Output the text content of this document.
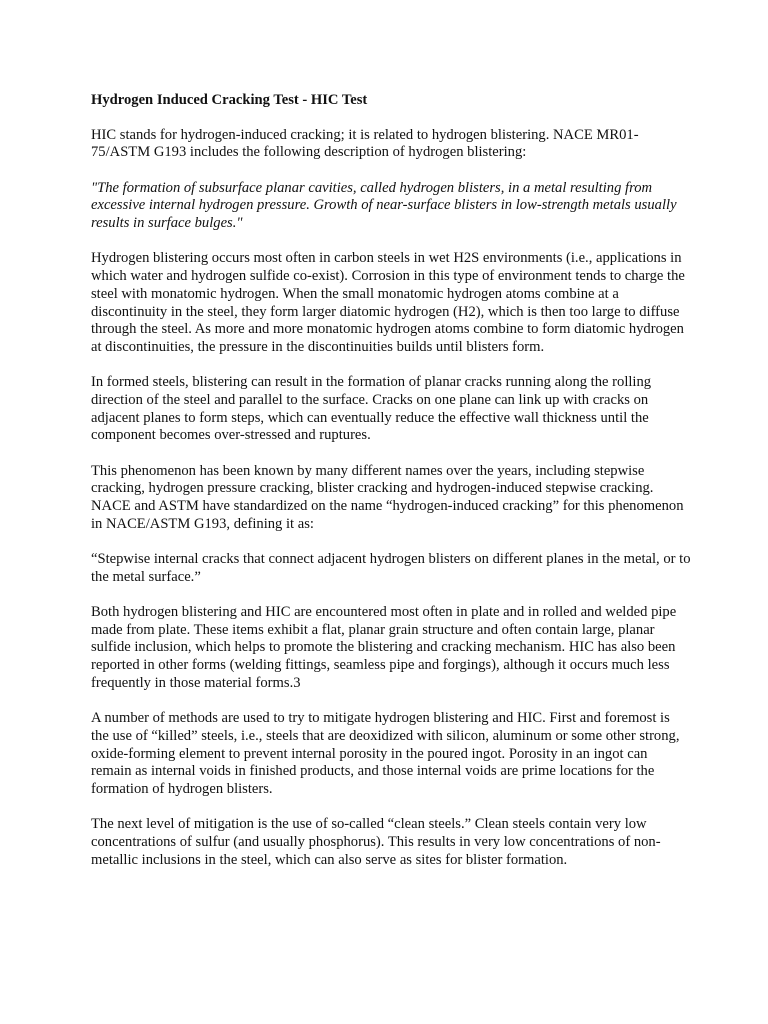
Hydrogen Induced Cracking Test - HIC Test

HIC stands for hydrogen-induced cracking; it is related to hydrogen blistering. NACE MR01-75/ASTM G193 includes the following description of hydrogen blistering:

"The formation of subsurface planar cavities, called hydrogen blisters, in a metal resulting from excessive internal hydrogen pressure. Growth of near-surface blisters in low-strength metals usually results in surface bulges."

Hydrogen blistering occurs most often in carbon steels in wet H2S environments (i.e., applications in which water and hydrogen sulfide co-exist). Corrosion in this type of environment tends to charge the steel with monatomic hydrogen. When the small monatomic hydrogen atoms combine at a discontinuity in the steel, they form larger diatomic hydrogen (H2), which is then too large to diffuse through the steel. As more and more monatomic hydrogen atoms combine to form diatomic hydrogen at discontinuities, the pressure in the discontinuities builds until blisters form.

In formed steels, blistering can result in the formation of planar cracks running along the rolling direction of the steel and parallel to the surface. Cracks on one plane can link up with cracks on adjacent planes to form steps, which can eventually reduce the effective wall thickness until the component becomes over-stressed and ruptures.

This phenomenon has been known by many different names over the years, including stepwise cracking, hydrogen pressure cracking, blister cracking and hydrogen-induced stepwise cracking. NACE and ASTM have standardized on the name “hydrogen-induced cracking” for this phenomenon in NACE/ASTM G193, defining it as:

“Stepwise internal cracks that connect adjacent hydrogen blisters on different planes in the metal, or to the metal surface.”

Both hydrogen blistering and HIC are encountered most often in plate and in rolled and welded pipe made from plate. These items exhibit a flat, planar grain structure and often contain large, planar sulfide inclusion, which helps to promote the blistering and cracking mechanism. HIC has also been reported in other forms (welding fittings, seamless pipe and forgings), although it occurs much less frequently in those material forms.3

A number of methods are used to try to mitigate hydrogen blistering and HIC. First and foremost is the use of “killed” steels, i.e., steels that are deoxidized with silicon, aluminum or some other strong, oxide-forming element to prevent internal porosity in the poured ingot. Porosity in an ingot can remain as internal voids in finished products, and those internal voids are prime locations for the formation of hydrogen blisters.

The next level of mitigation is the use of so-called “clean steels.” Clean steels contain very low concentrations of sulfur (and usually phosphorus). This results in very low concentrations of non-metallic inclusions in the steel, which can also serve as sites for blister formation.
